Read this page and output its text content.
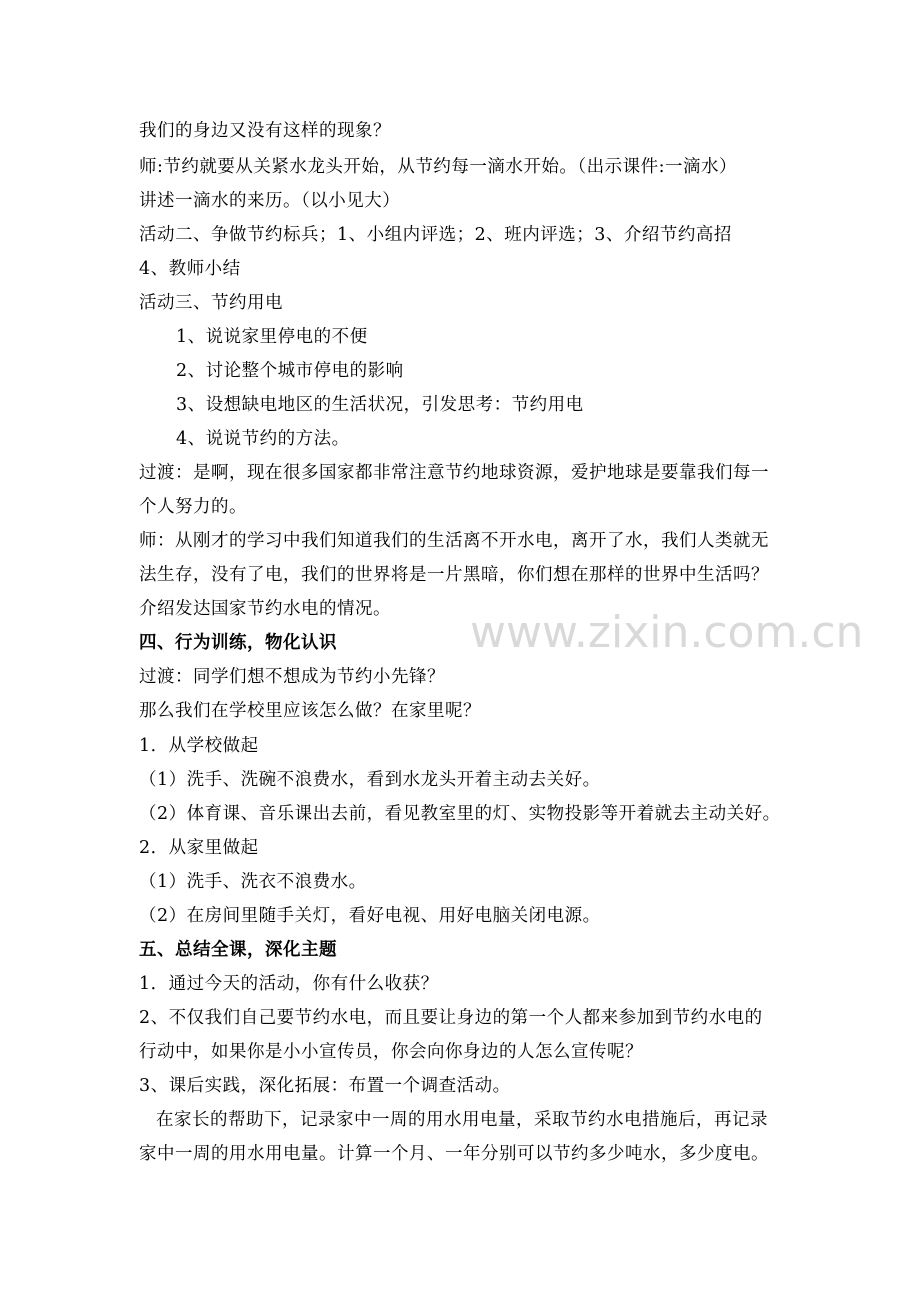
我们的身边又没有这样的现象？
师:节约就要从关紧水龙头开始，从节约每一滴水开始。（出示课件:一滴水）
讲述一滴水的来历。（以小见大）
活动二、争做节约标兵；1、小组内评选；2、班内评选；3、介绍节约高招
4、教师小结
活动三、节约用电
1、说说家里停电的不便
2、讨论整个城市停电的影响
3、设想缺电地区的生活状况，引发思考：节约用电
4、说说节约的方法。
过渡：是啊，现在很多国家都非常注意节约地球资源，爱护地球是要靠我们每一
个人努力的。
师：从刚才的学习中我们知道我们的生活离不开水电，离开了水，我们人类就无
法生存，没有了电，我们的世界将是一片黑暗，你们想在那样的世界中生活吗？
介绍发达国家节约水电的情况。
四、行为训练，物化认识
过渡：同学们想不想成为节约小先锋？
那么我们在学校里应该怎么做？在家里呢？
1．从学校做起
（1）洗手、洗碗不浪费水，看到水龙头开着主动去关好。
（2）体育课、音乐课出去前，看见教室里的灯、实物投影等开着就去主动关好。
2．从家里做起
（1）洗手、洗衣不浪费水。
（2）在房间里随手关灯，看好电视、用好电脑关闭电源。
五、总结全课，深化主题
1．通过今天的活动，你有什么收获？
2、不仅我们自己要节约水电，而且要让身边的第一个人都来参加到节约水电的
行动中，如果你是小小宣传员，你会向你身边的人怎么宣传呢？
3、课后实践，深化拓展：布置一个调查活动。
在家长的帮助下，记录家中一周的用水用电量，采取节约水电措施后，再记录
家中一周的用水用电量。计算一个月、一年分别可以节约多少吨水，多少度电。
www.zixin.com.cn
